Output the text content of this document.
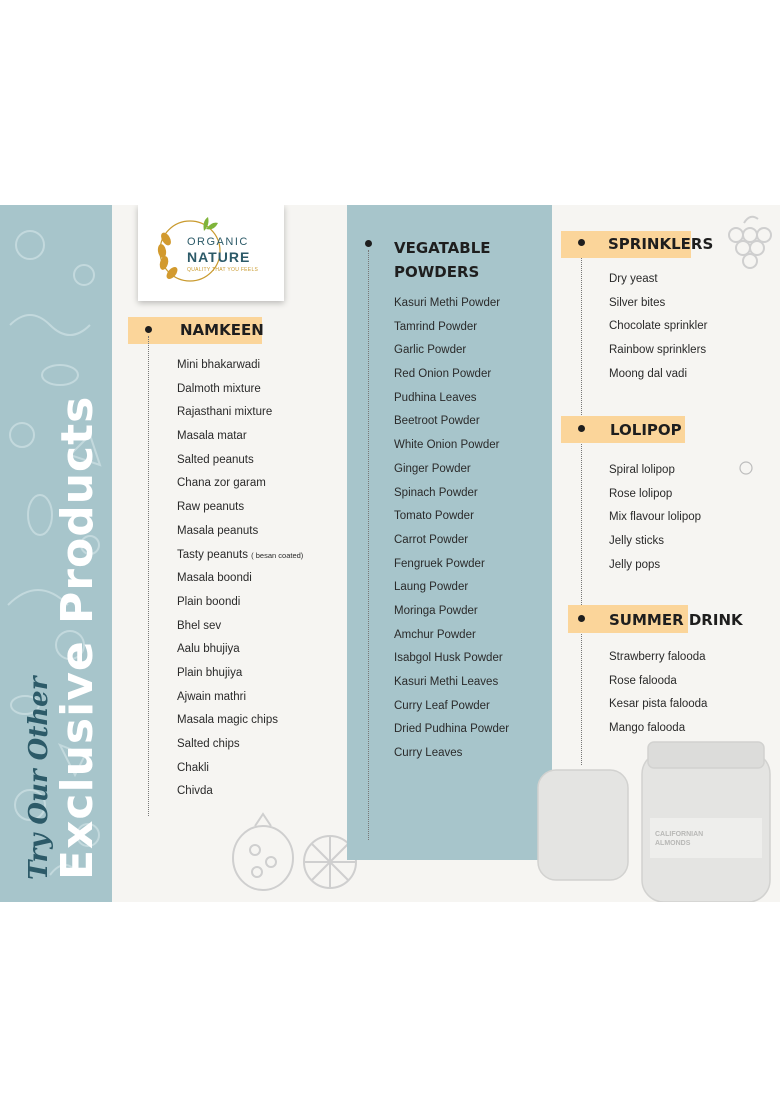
Try Our Other
Exclusive Products
ORGANIC
NATURE
QUALITY THAT YOU FEELS
NAMKEEN
Mini bhakarwadi
Dalmoth mixture
Rajasthani mixture
Masala matar
Salted peanuts
Chana zor garam
Raw peanuts
Masala peanuts
Tasty peanuts ( besan coated)
Masala boondi
Plain boondi
Bhel sev
Aalu bhujiya
Plain bhujiya
Ajwain mathri
Masala magic chips
Salted chips
Chakli
Chivda
VEGATABLE
POWDERS
Kasuri Methi Powder
Tamrind Powder
Garlic Powder
Red Onion Powder
Pudhina Leaves
Beetroot Powder
White Onion Powder
Ginger Powder
Spinach Powder
Tomato Powder
Carrot Powder
Fengruek Powder
Laung Powder
Moringa Powder
Amchur Powder
Isabgol Husk Powder
Kasuri Methi Leaves
Curry Leaf Powder
Dried Pudhina Powder
Curry Leaves
SPRINKLERS
Dry yeast
Silver bites
Chocolate sprinkler
Rainbow sprinklers
Moong dal vadi
LOLIPOP
Spiral lolipop
Rose lolipop
Mix flavour lolipop
Jelly sticks
Jelly pops
SUMMER DRINK
Strawberry falooda
Rose falooda
Kesar pista falooda
Mango falooda
CALIFORNIAN ALMONDS
